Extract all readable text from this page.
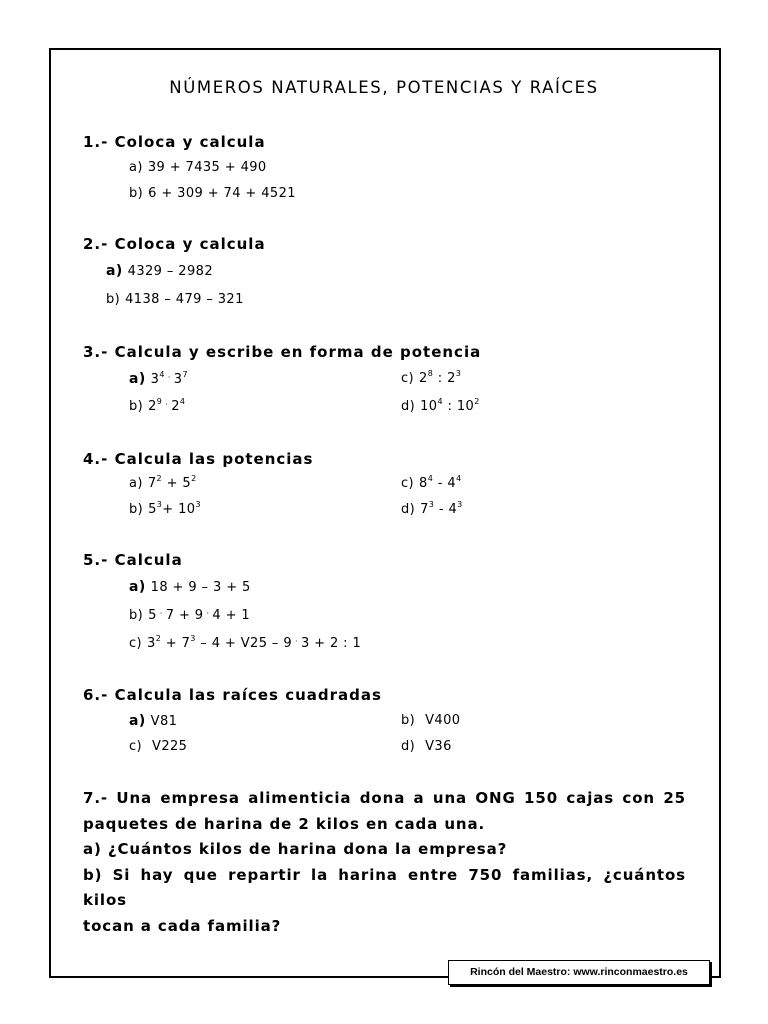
NÚMEROS NATURALES, POTENCIAS Y RAÍCES
1.- Coloca y calcula
a) 39 + 7435 + 490
b) 6 + 309 + 74 + 4521
2.- Coloca y calcula
a) 4329 – 2982
b) 4138 – 479 – 321
3.- Calcula y escribe en forma de potencia
a) $3^4$ · $3^7$
b) $2^9$ · $2^4$
c) $2^8$ : $2^3$
d) $10^4$ : $10^2$
4.- Calcula las potencias
a) $7^2 + 5^2$
b) $5^3+ 10^3$
c) $8^4 - 4^4$
d) $7^3 - 4^3$
5.- Calcula
a) 18 + 9 – 3 + 5
b) 5 · 7 + 9 · 4 + 1
c) $3^2 + 7^3 - 4 + V25 - 9$ · 3 + 2 : 1
6.- Calcula las raíces cuadradas
a) V81
c) V225
b) V400
d) V36
7.- Una empresa alimenticia dona a una ONG 150 cajas con 25
paquetes de harina de 2 kilos en cada una.
a) ¿Cuántos kilos de harina dona la empresa?
b) Si hay que repartir la harina entre 750 familias, ¿cuántos kilos
tocan a cada familia?
Rincón del Maestro: www.rinconmaestro.es
